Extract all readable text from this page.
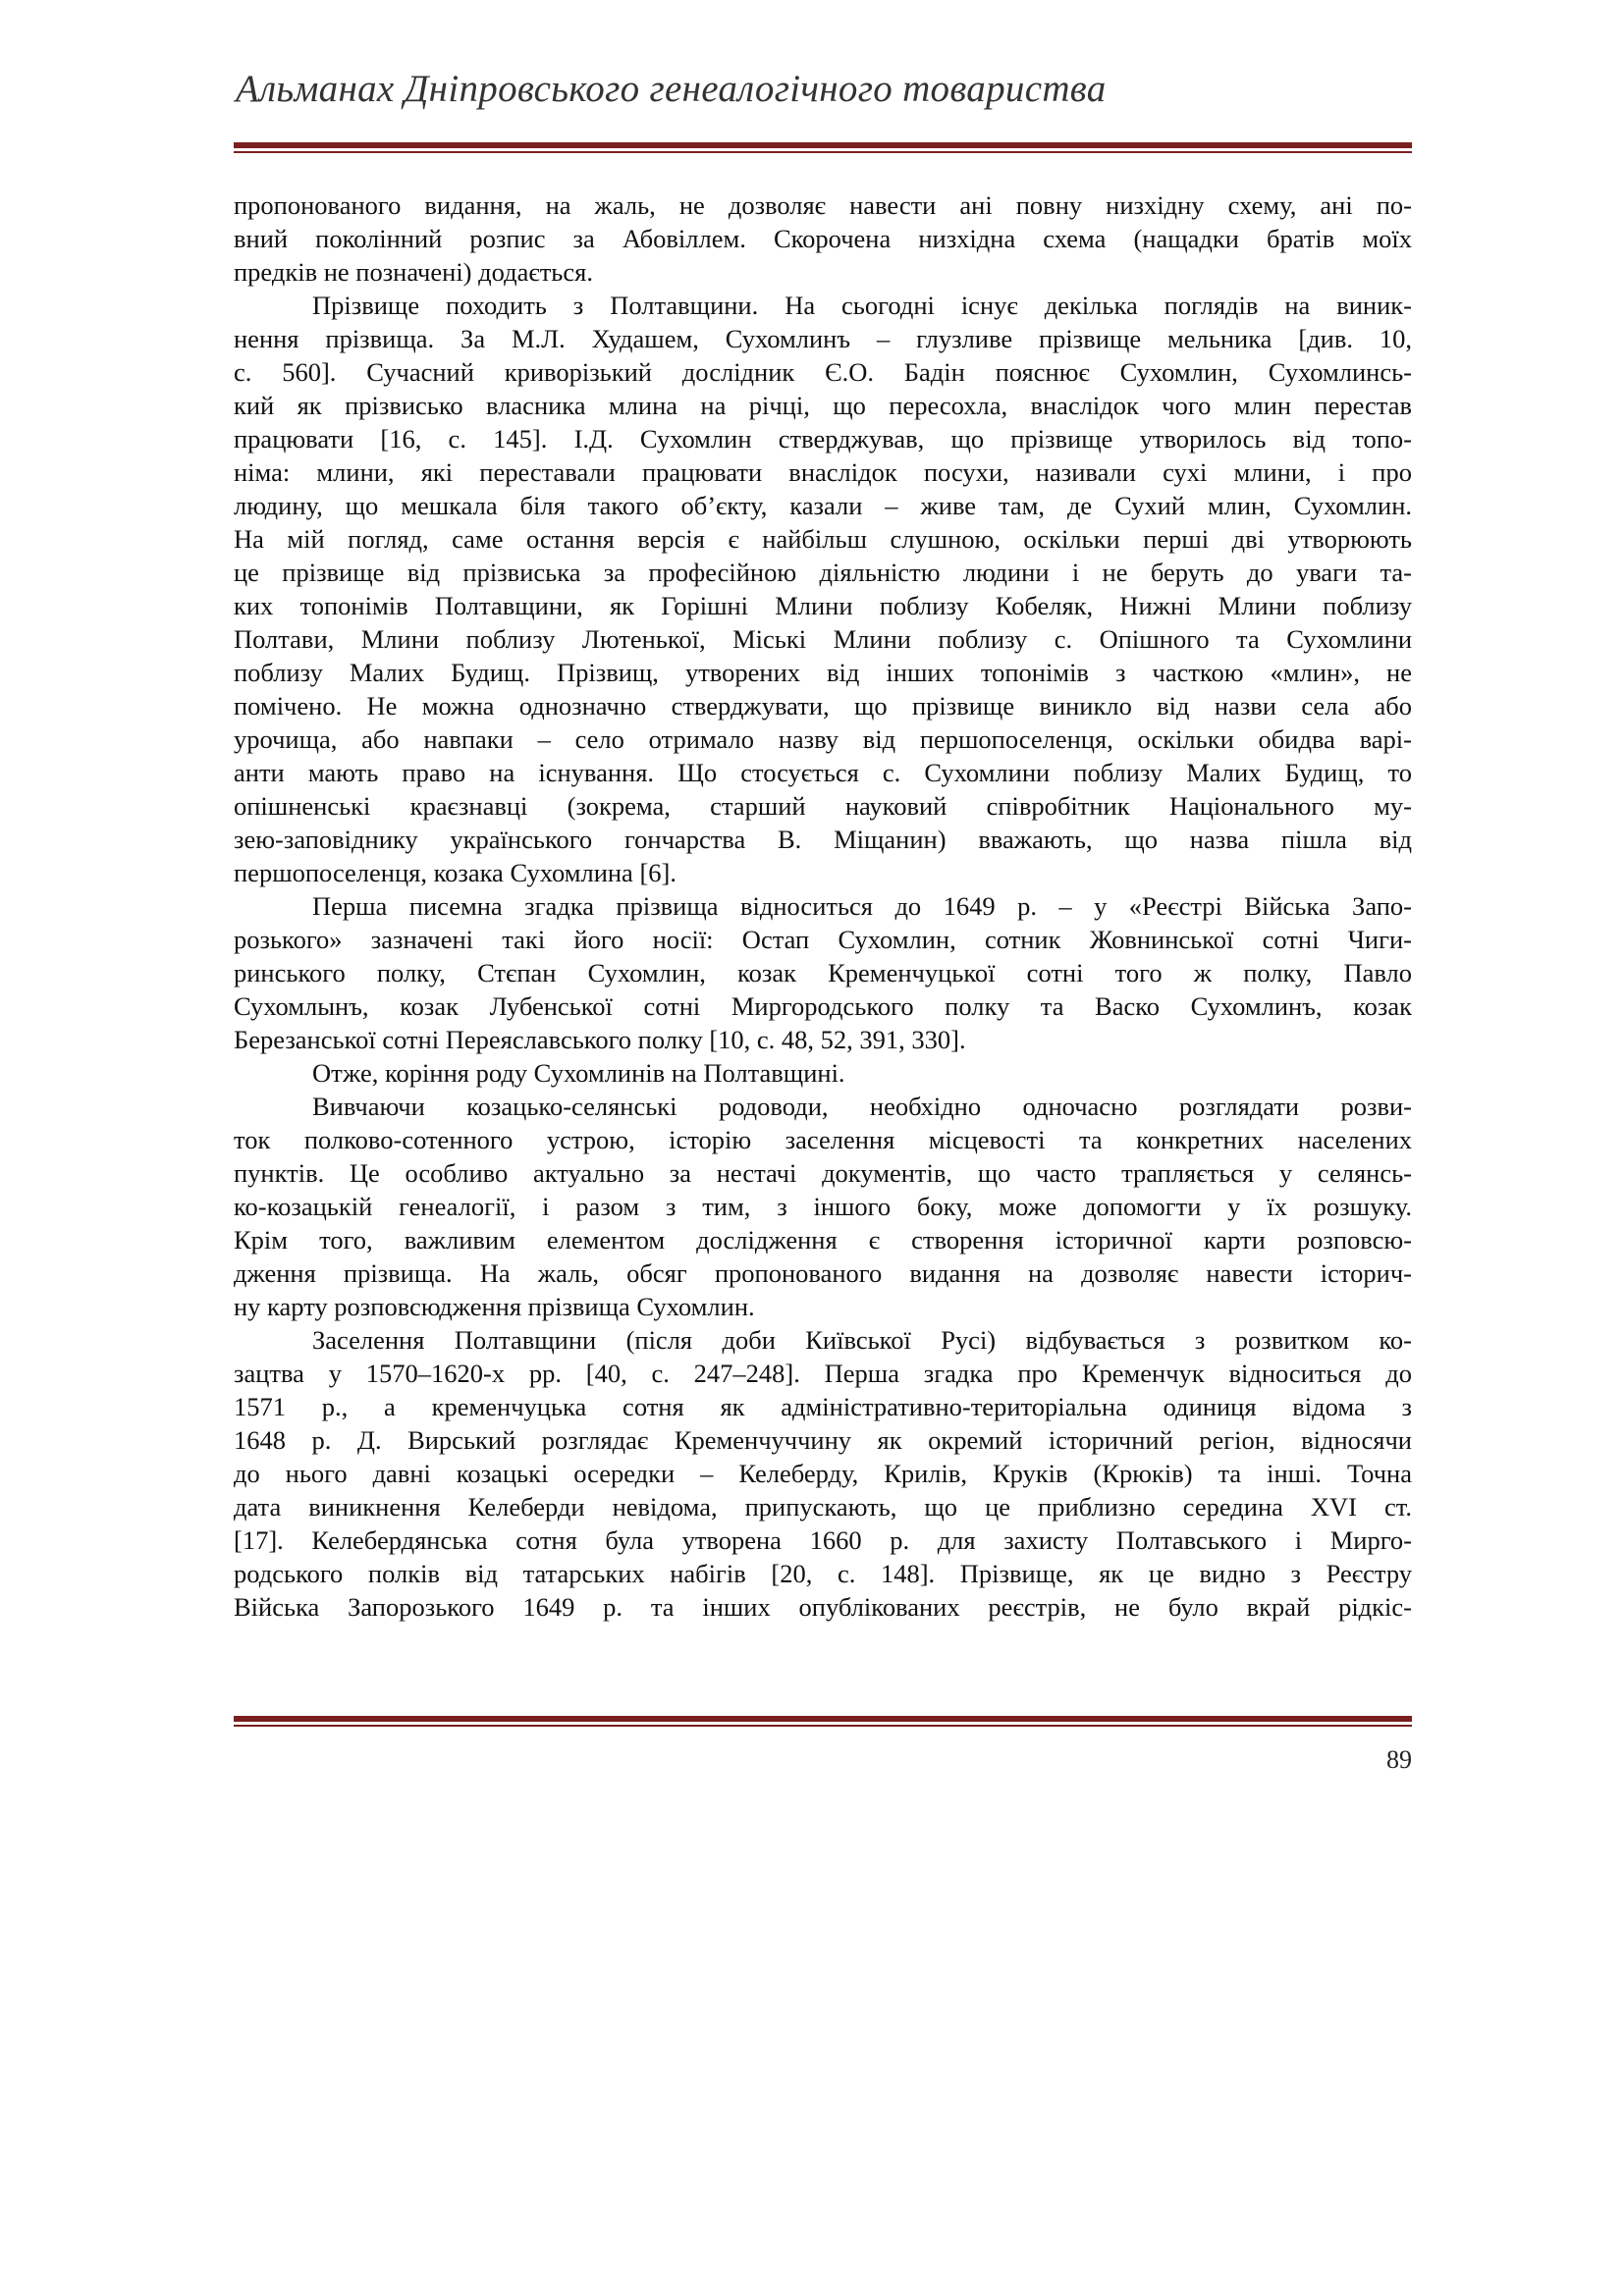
Альманах Дніпровського генеалогічного товариства
пропонованого видання, на жаль, не дозволяє навести ані повну низхідну схему, ані по-
вний поколінний розпис за Абовіллем. Скорочена низхідна схема (нащадки братів моїх
предків не позначені) додається.
Прізвище походить з Полтавщини. На сьогодні існує декілька поглядів на виник-
нення прізвища. За М.Л. Худашем, Сухомлинъ – глузливе прізвище мельника [див. 10,
с. 560]. Сучасний криворізький дослідник Є.О. Бадін пояснює Сухомлин, Сухомлинсь-
кий як прізвисько власника млина на річці, що пересохла, внаслідок чого млин перестав
працювати [16, с. 145]. І.Д. Сухомлин стверджував, що прізвище утворилось від топо-
німа: млини, які переставали працювати внаслідок посухи, називали сухі млини, і про
людину, що мешкала біля такого об’єкту, казали – живе там, де Сухий млин, Сухомлин.
На мій погляд, саме остання версія є найбільш слушною, оскільки перші дві утворюють
це прізвище від прізвиська за професійною діяльністю людини і не беруть до уваги та-
ких топонімів Полтавщини, як Горішні Млини поблизу Кобеляк, Нижні Млини поблизу
Полтави, Млини поблизу Лютенької, Міські Млини поблизу с. Опішного та Сухомлини
поблизу Малих Будищ. Прізвищ, утворених від інших топонімів з часткою «млин», не
помічено. Не можна однозначно стверджувати, що прізвище виникло від назви села або
урочища, або навпаки – село отримало назву від першопоселенця, оскільки обидва варі-
анти мають право на існування. Що стосується с. Сухомлини поблизу Малих Будищ, то
опішненські краєзнавці (зокрема, старший науковий співробітник Національного му-
зею-заповіднику українського гончарства В. Міщанин) вважають, що назва пішла від
першопоселенця, козака Сухомлина [6].
Перша писемна згадка прізвища відноситься до 1649 р. – у «Реєстрі Війська Запо-
розького» зазначені такі його носії: Остап Сухомлин, сотник Жовнинської сотні Чиги-
ринського полку, Стєпан Сухомлин, козак Кременчуцької сотні того ж полку, Павло
Сухомлынъ, козак Лубенської сотні Миргородського полку та Васко Сухомлинъ, козак
Березанської сотні Переяславського полку [10, с. 48, 52, 391, 330].
Отже, коріння роду Сухомлинів на Полтавщині.
Вивчаючи козацько-селянські родоводи, необхідно одночасно розглядати розви-
ток полково-сотенного устрою, історію заселення місцевості та конкретних населених
пунктів. Це особливо актуально за нестачі документів, що часто трапляється у селянсь-
ко-козацькій генеалогії, і разом з тим, з іншого боку, може допомогти у їх розшуку.
Крім того, важливим елементом дослідження є створення історичної карти розповсю-
дження прізвища. На жаль, обсяг пропонованого видання на дозволяє навести історич-
ну карту розповсюдження прізвища Сухомлин.
Заселення Полтавщини (після доби Київської Русі) відбувається з розвитком ко-
зацтва у 1570–1620-х рр. [40, с. 247–248]. Перша згадка про Кременчук відноситься до
1571 р., а кременчуцька сотня як адміністративно-територіальна одиниця відома з
1648 р. Д. Вирський розглядає Кременчуччину як окремий історичний регіон, відносячи
до нього давні козацькі осередки – Келеберду, Крилів, Круків (Крюків) та інші. Точна
дата виникнення Келеберди невідома, припускають, що це приблизно середина XVI ст.
[17]. Келебердянська сотня була утворена 1660 р. для захисту Полтавського і Мирго-
родського полків від татарських набігів [20, с. 148]. Прізвище, як це видно з Реєстру
Війська Запорозького 1649 р. та інших опублікованих реєстрів, не було вкрай рідкіс-
89
